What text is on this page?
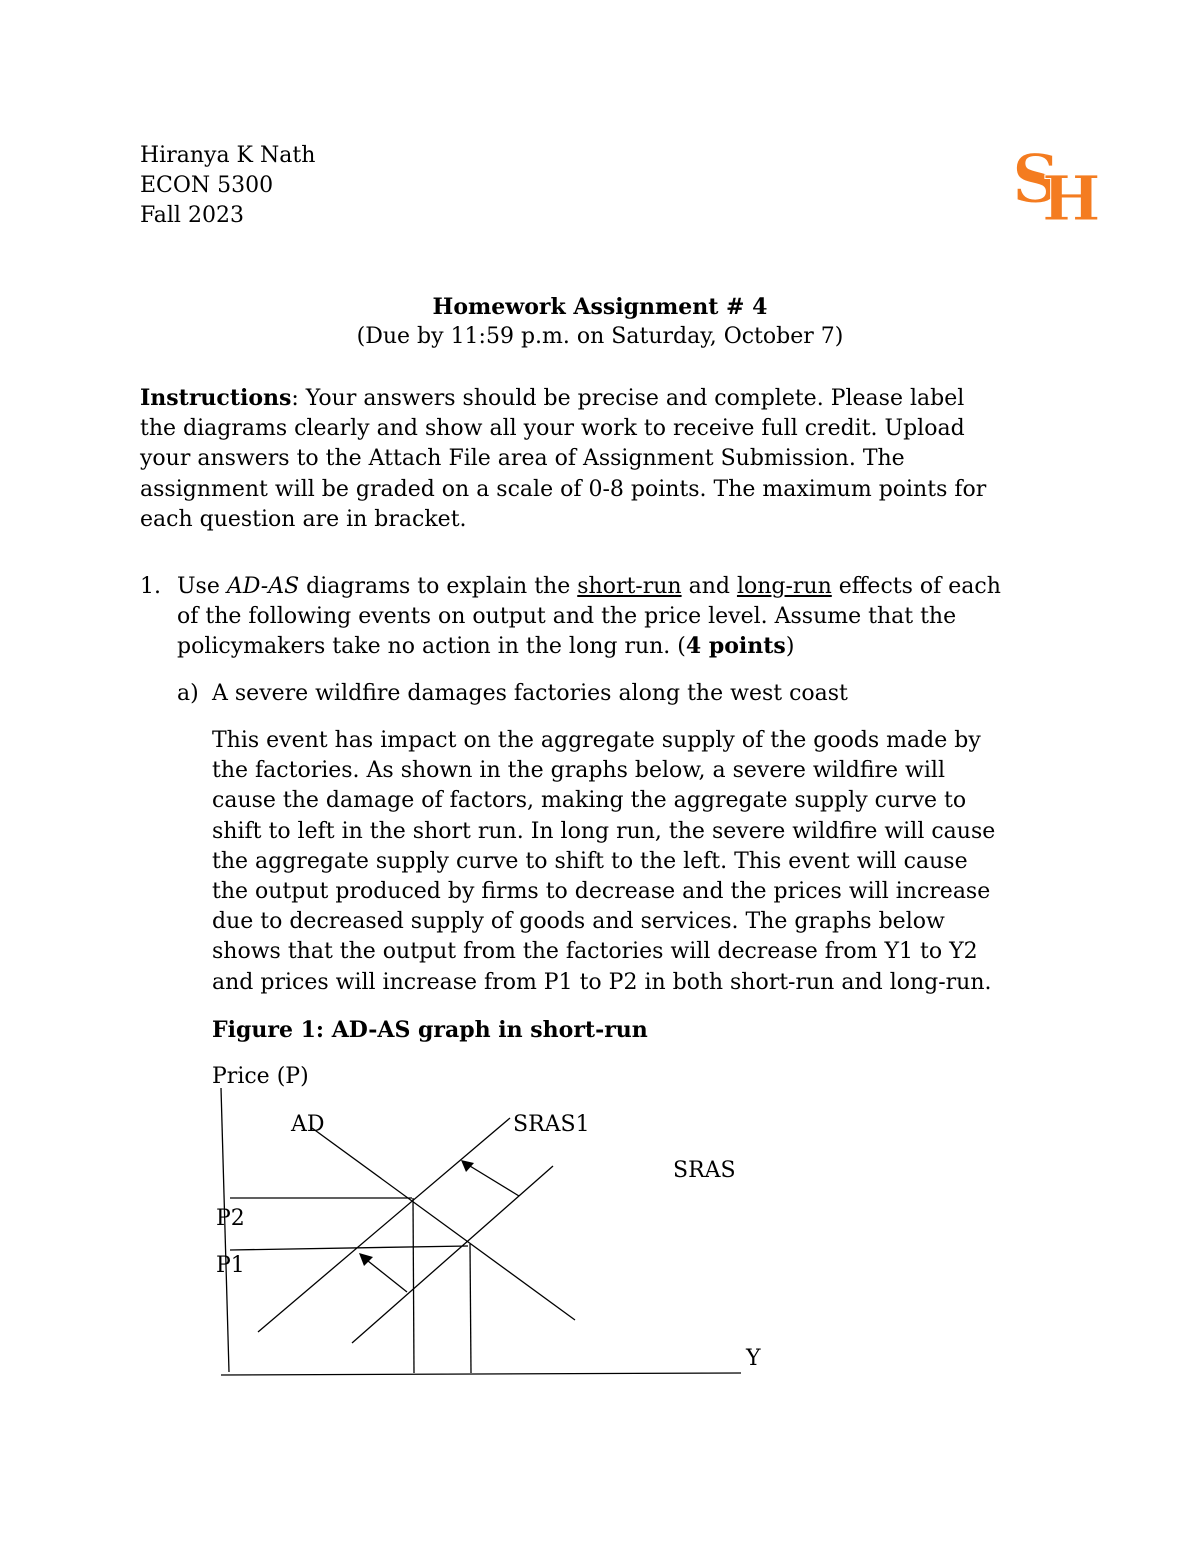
Hiranya K Nath
ECON 5300
Fall 2023	S
H
Homework Assignment # 4
(Due by 11:59 p.m. on Saturday, October 7)
Instructions: Your answers should be precise and complete. Please label
the diagrams clearly and show all your work to receive full credit. Upload
your answers to the Attach File area of Assignment Submission. The
assignment will be graded on a scale of 0-8 points. The maximum points for
each question are in bracket.
1. Use AD-AS diagrams to explain the short-run and long-run effects of each
of the following events on output and the price level. Assume that the
policymakers take no action in the long run. (4 points)
a) A severe wildfire damages factories along the west coast
This event has impact on the aggregate supply of the goods made by
the factories. As shown in the graphs below, a severe wildfire will
cause the damage of factors, making the aggregate supply curve to
shift to left in the short run. In long run, the severe wildfire will cause
the aggregate supply curve to shift to the left. This event will cause
the output produced by firms to decrease and the prices will increase
due to decreased supply of goods and services. The graphs below
shows that the output from the factories will decrease from Y1 to Y2
and prices will increase from P1 to P2 in both short-run and long-run.
Figure 1: AD-AS graph in short-run
Price (P)
AD	SRAS1
SRAS
P2
P1
Y
